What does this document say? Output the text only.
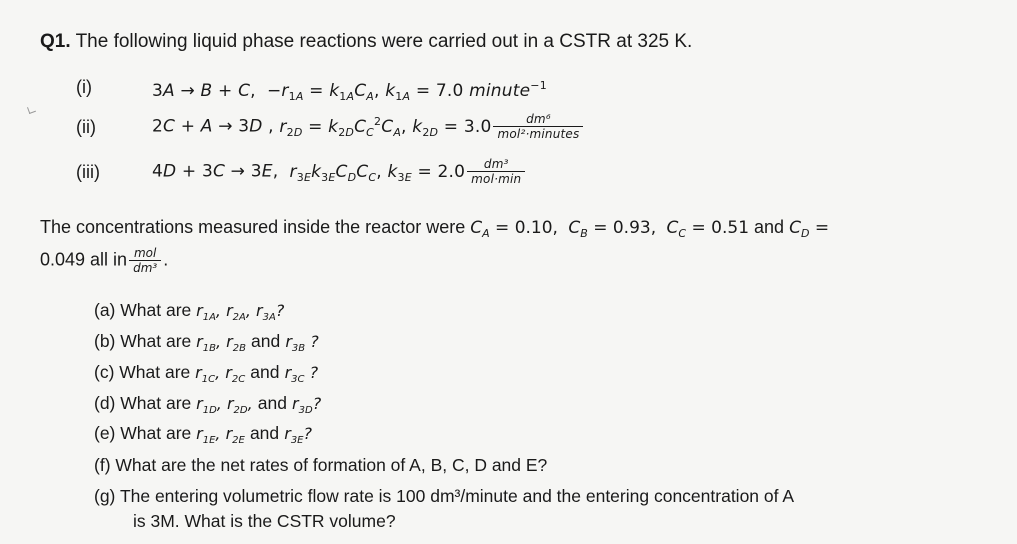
Q1. The following liquid phase reactions were carried out in a CSTR at 325 K.
(i)	3A → B + C,  $-r_{1A} = k_{1A}C_A$, $k_{1A} = 7.0$ minute$^{-1}$
(ii)	2C + A → 3D , $r_{2D} = k_{2D}C_C^2C_A$, $k_{2D} = 3.0 \frac{\text{dm⁶}}{\text{mol²·minutes}}$
(iii)	4D + 3C → 3E, $r_{3E}k_{3E}C_DC_C$, $k_{3E} = 2.0 \frac{\text{dm³}}{\text{mol·min}}$
The concentrations measured inside the reactor were $C_A = 0.10$, $C_B = 0.93$, $C_C = 0.51$ and $C_D$ =
0.049 all in $\frac{\text{mol}}{\text{dm³}}$ .
(a) What are $r_{1A}$, $r_{2A}$, $r_{3A}$?
(b) What are $r_{1B}$, $r_{2B}$ and $r_{3B}$ ?
(c) What are $r_{1C}$, $r_{2C}$ and $r_{3C}$ ?
(d) What are $r_{1D}$, $r_{2D}$, and $r_{3D}$?
(e) What are $r_{1E}$, $r_{2E}$ and $r_{3E}$?
(f) What are the net rates of formation of A, B, C, D and E?
(g) The entering volumetric flow rate is 100 dm³/minute and the entering concentration of A
is 3M. What is the CSTR volume?
